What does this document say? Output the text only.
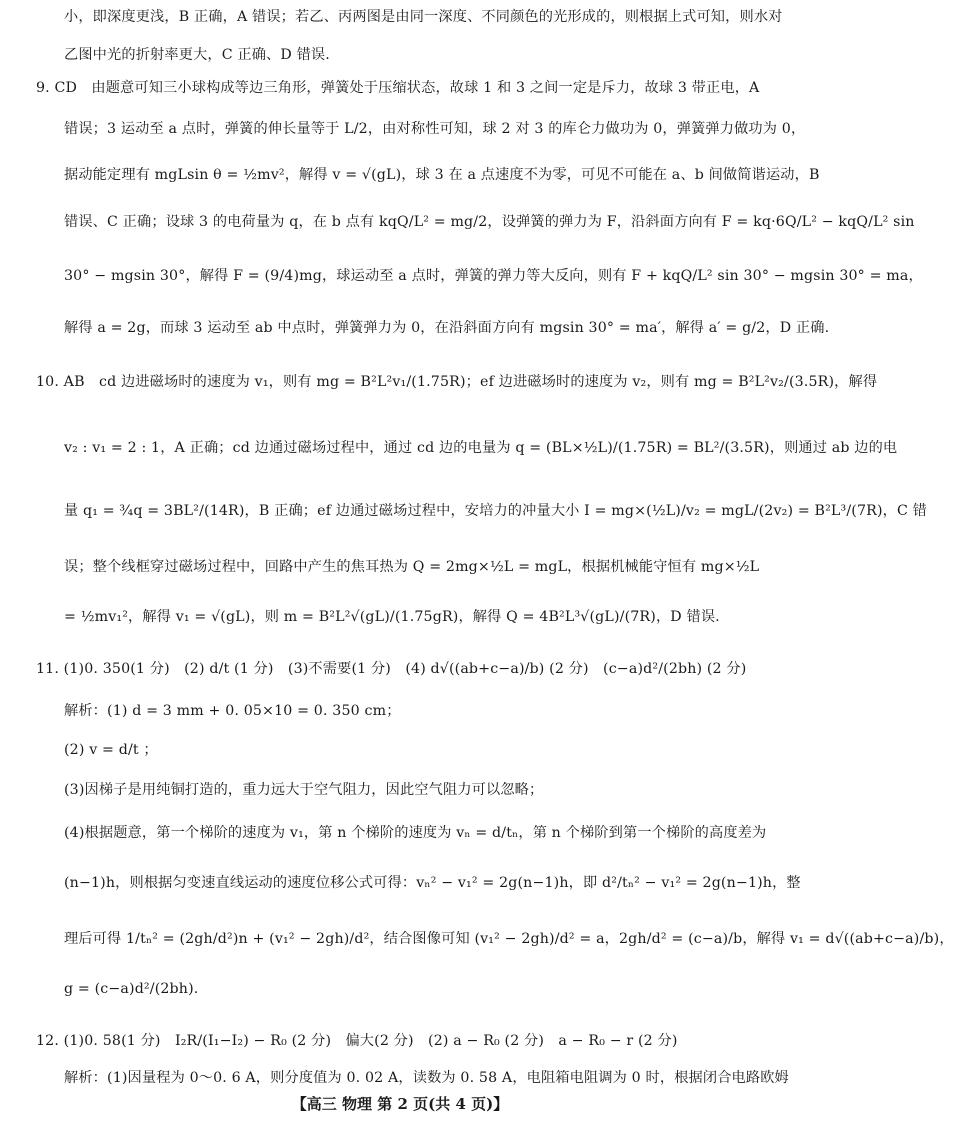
小，即深度更浅，B 正确，A 错误；若乙、丙两图是由同一深度、不同颜色的光形成的，则根据上式可知，则水对
乙图中光的折射率更大，C 正确、D 错误.
9. CD　由题意可知三小球构成等边三角形，弹簧处于压缩状态，故球 1 和 3 之间一定是斥力，故球 3 带正电，A
错误；3 运动至 a 点时，弹簧的伸长量等于 L/2，由对称性可知，球 2 对 3 的库仑力做功为 0，弹簧弹力做功为 0，
据动能定理有 mgLsin θ = ½mv²，解得 v = √(gL)，球 3 在 a 点速度不为零，可见不可能在 a、b 间做简谐运动，B
错误、C 正确；设球 3 的电荷量为 q，在 b 点有 kqQ/L² = mg/2，设弹簧的弹力为 F，沿斜面方向有 F = kq·6Q/L² − kqQ/L² sin
30° − mgsin 30°，解得 F = (9/4)mg，球运动至 a 点时，弹簧的弹力等大反向，则有 F + kqQ/L² sin 30° − mgsin 30° = ma，
解得 a = 2g，而球 3 运动至 ab 中点时，弹簧弹力为 0，在沿斜面方向有 mgsin 30° = ma′，解得 a′ = g/2，D 正确.
10. AB　cd 边进磁场时的速度为 v₁，则有 mg = B²L²v₁/(1.75R)；ef 边进磁场时的速度为 v₂，则有 mg = B²L²v₂/(3.5R)，解得
v₂ : v₁ = 2 : 1，A 正确；cd 边通过磁场过程中，通过 cd 边的电量为 q = (BL×½L)/(1.75R) = BL²/(3.5R)，则通过 ab 边的电
量 q₁ = ¾q = 3BL²/(14R)，B 正确；ef 边通过磁场过程中，安培力的冲量大小 I = mg×(½L)/v₂ = mgL/(2v₂) = B²L³/(7R)，C 错
误；整个线框穿过磁场过程中，回路中产生的焦耳热为 Q = 2mg×½L = mgL，根据机械能守恒有 mg×½L
= ½mv₁²，解得 v₁ = √(gL)，则 m = B²L²√(gL)/(1.75gR)，解得 Q = 4B²L³√(gL)/(7R)，D 错误.
11. (1)0. 350(1 分)　(2) d/t (1 分)　(3)不需要(1 分)　(4) d√((ab+c−a)/b) (2 分)　(c−a)d²/(2bh) (2 分)
解析：(1) d = 3 mm + 0. 05×10 = 0. 350 cm；
(2) v = d/t ；
(3)因梯子是用纯铜打造的，重力远大于空气阻力，因此空气阻力可以忽略；
(4)根据题意，第一个梯阶的速度为 v₁，第 n 个梯阶的速度为 vₙ = d/tₙ，第 n 个梯阶到第一个梯阶的高度差为
(n−1)h，则根据匀变速直线运动的速度位移公式可得：vₙ² − v₁² = 2g(n−1)h，即 d²/tₙ² − v₁² = 2g(n−1)h，整
理后可得 1/tₙ² = (2gh/d²)n + (v₁² − 2gh)/d²，结合图像可知 (v₁² − 2gh)/d² = a，2gh/d² = (c−a)/b，解得 v₁ = d√((ab+c−a)/b)，
g = (c−a)d²/(2bh).
12. (1)0. 58(1 分)　I₂R/(I₁−I₂) − R₀ (2 分)　偏大(2 分)　(2) a − R₀ (2 分)　a − R₀ − r (2 分)
解析：(1)因量程为 0～0. 6 A，则分度值为 0. 02 A，读数为 0. 58 A，电阻箱电阻调为 0 时，根据闭合电路欧姆
【高三 物理 第 2 页(共 4 页)】
